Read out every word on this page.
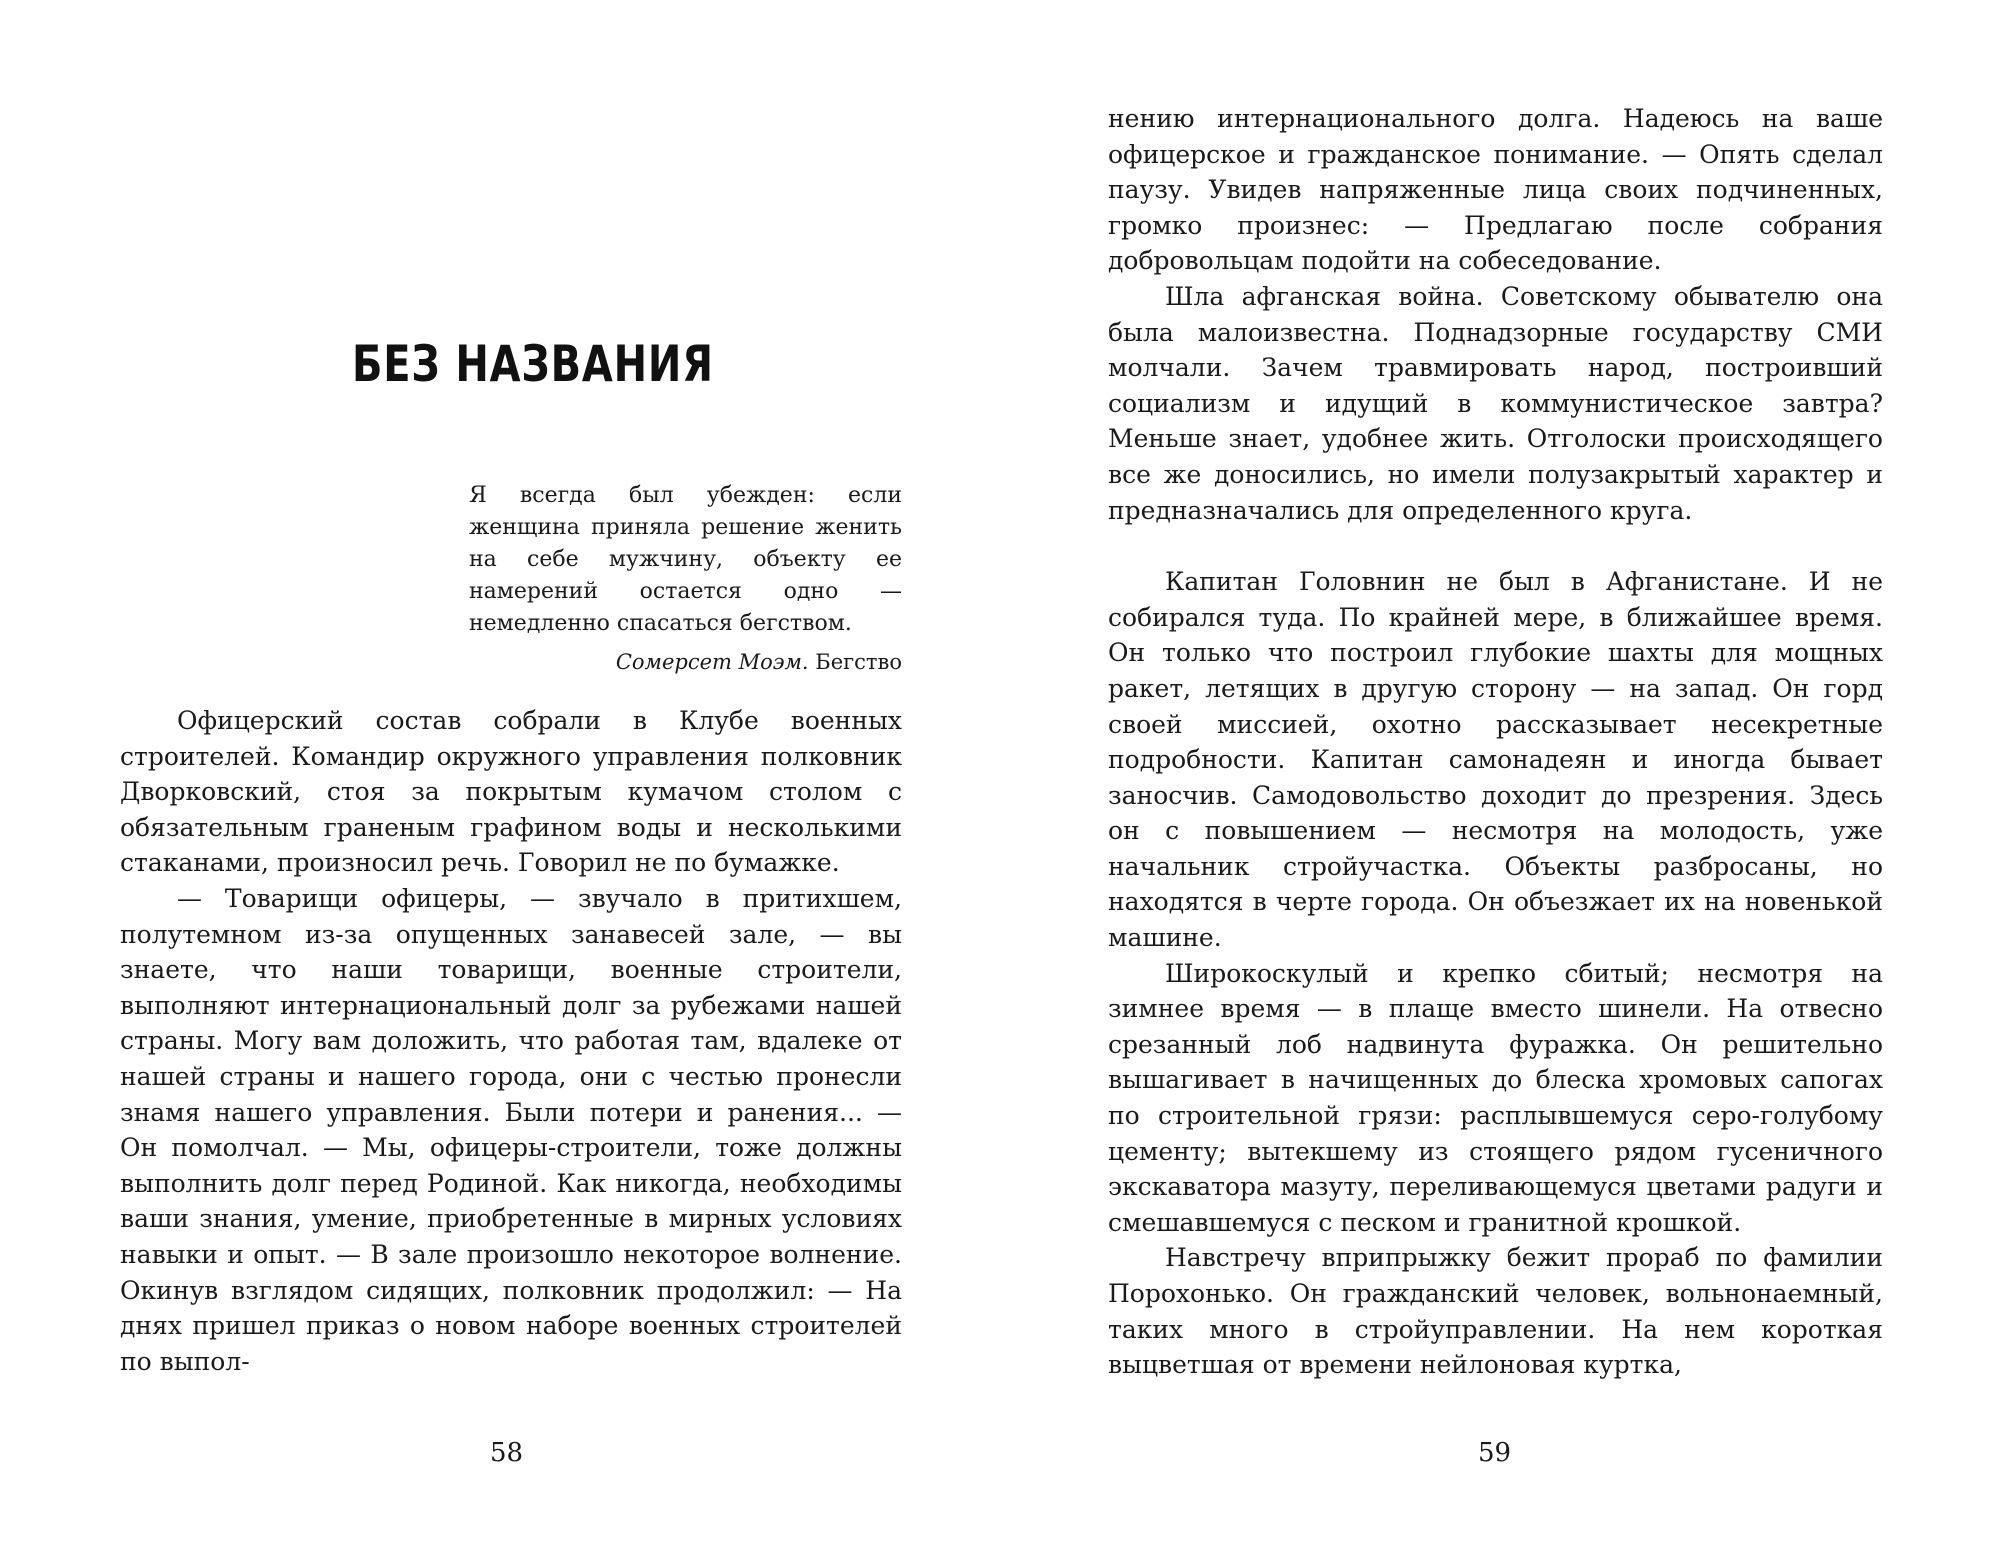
БЕЗ НАЗВАНИЯ

Я всегда был убежден: если женщина приняла решение женить на себе мужчину, объекту ее намерений остается одно — немедленно спасаться бегством.

Сомерсет Моэм. Бегство

Офицерский состав собрали в Клубе военных строителей. Командир окружного управления полковник Дворковский, стоя за покрытым кумачом столом с обязательным граненым графином воды и несколькими стаканами, произносил речь. Говорил не по бумажке.

— Товарищи офицеры, — звучало в притихшем, полутемном из-за опущенных занавесей зале, — вы знаете, что наши товарищи, военные строители, выполняют интернациональный долг за рубежами нашей страны. Могу вам доложить, что работая там, вдалеке от нашей страны и нашего города, они с честью пронесли знамя нашего управления. Были потери и ранения... — Он помолчал. — Мы, офицеры-строители, тоже должны выполнить долг перед Родиной. Как никогда, необходимы ваши знания, умение, приобретенные в мирных условиях навыки и опыт. — В зале произошло некоторое волнение. Окинув взглядом сидящих, полковник продолжил: — На днях пришел приказ о новом наборе военных строителей по выпол-

58

нению интернационального долга. Надеюсь на ваше офицерское и гражданское понимание. — Опять сделал паузу. Увидев напряженные лица своих подчиненных, громко произнес: — Предлагаю после собрания добровольцам подойти на собеседование.

Шла афганская война. Советскому обывателю она была малоизвестна. Поднадзорные государству СМИ молчали. Зачем травмировать народ, построивший социализм и идущий в коммунистическое завтра? Меньше знает, удобнее жить. Отголоски происходящего все же доносились, но имели полузакрытый характер и предназначались для определенного круга.

Капитан Головнин не был в Афганистане. И не собирался туда. По крайней мере, в ближайшее время. Он только что построил глубокие шахты для мощных ракет, летящих в другую сторону — на запад. Он горд своей миссией, охотно рассказывает несекретные подробности. Капитан самонадеян и иногда бывает заносчив. Самодовольство доходит до презрения. Здесь он с повышением — несмотря на молодость, уже начальник стройучастка. Объекты разбросаны, но находятся в черте города. Он объезжает их на новенькой машине.

Широкоскулый и крепко сбитый; несмотря на зимнее время — в плаще вместо шинели. На отвесно срезанный лоб надвинута фуражка. Он решительно вышагивает в начищенных до блеска хромовых сапогах по строительной грязи: расплывшемуся серо-голубому цементу; вытекшему из стоящего рядом гусеничного экскаватора мазуту, переливающемуся цветами радуги и смешавшемуся с песком и гранитной крошкой.

Навстречу вприпрыжку бежит прораб по фамилии Порохонько. Он гражданский человек, вольнонаемный, таких много в стройуправлении. На нем короткая выцветшая от времени нейлоновая куртка,

59
